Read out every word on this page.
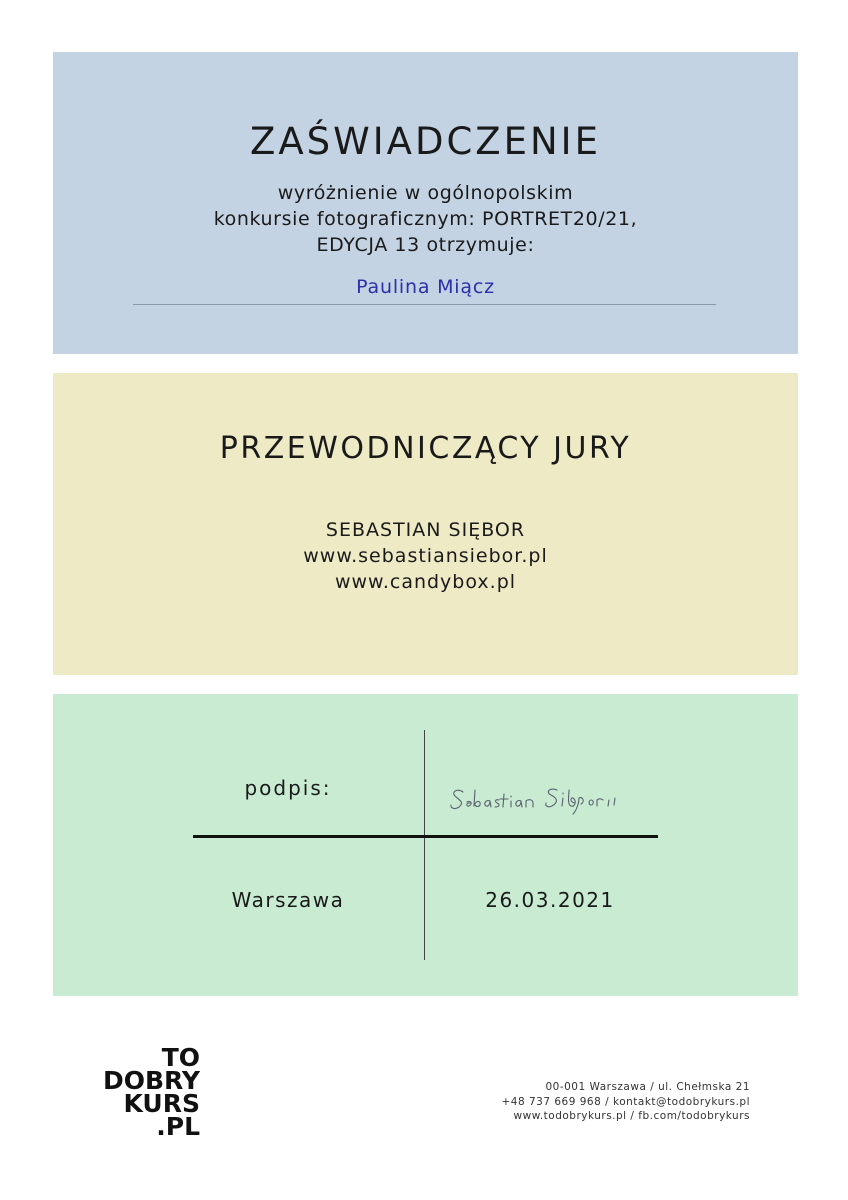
ZAŚWIADCZENIE
wyróżnienie w ogólnopolskim
konkursie fotograficznym: PORTRET20/21,
EDYCJA 13 otrzymuje:
Paulina Miącz
PRZEWODNICZĄCY JURY
SEBASTIAN SIĘBOR
www.sebastiansiebor.pl
www.candybox.pl
podpis:
Warszawa	26.03.2021
TO
DOBRY
KURS
.PL
00-001 Warszawa / ul. Chełmska 21
+48 737 669 968 / kontakt@todobrykurs.pl
www.todobrykurs.pl / fb.com/todobrykurs
